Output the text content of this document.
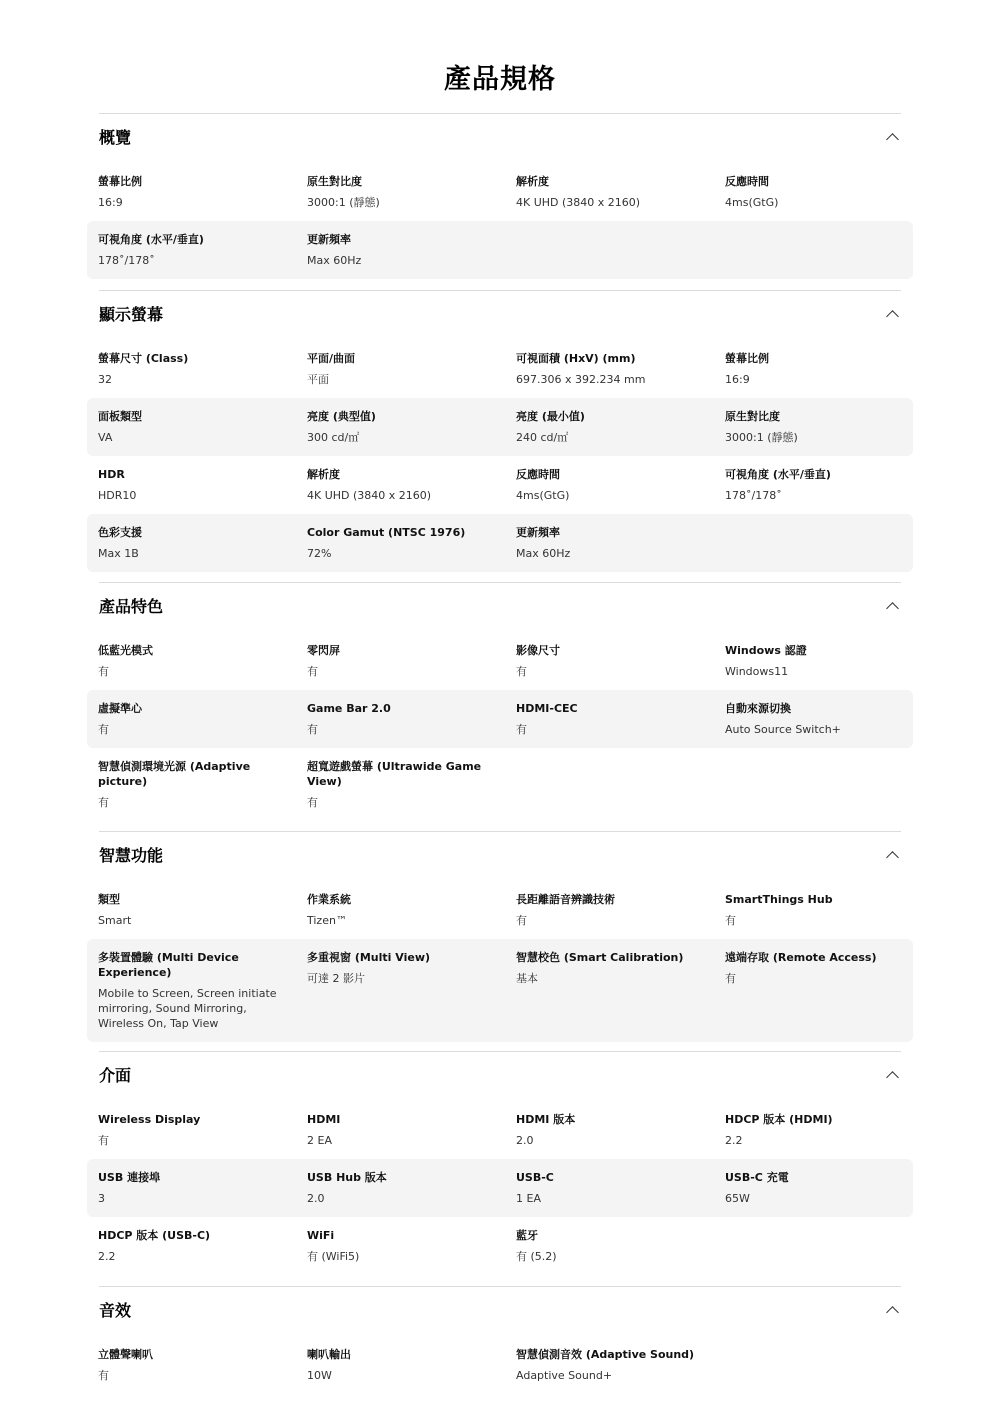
產品規格
概覽
螢幕比例
16:9
原生對比度
3000:1 (靜態)
解析度
4K UHD (3840 x 2160)
反應時間
4ms(GtG)
可視角度 (水平/垂直)
178˚/178˚
更新頻率
Max 60Hz
顯示螢幕
螢幕尺寸 (Class)
32
平面/曲面
平面
可視面積 (HxV) (mm)
697.306 x 392.234 mm
螢幕比例
16:9
面板類型
VA
亮度 (典型值)
300 cd/㎡
亮度 (最小值)
240 cd/㎡
原生對比度
3000:1 (靜態)
HDR
HDR10
解析度
4K UHD (3840 x 2160)
反應時間
4ms(GtG)
可視角度 (水平/垂直)
178˚/178˚
色彩支援
Max 1B
Color Gamut (NTSC 1976)
72%
更新頻率
Max 60Hz
產品特色
低藍光模式
有
零閃屏
有
影像尺寸
有
Windows 認證
Windows11
虛擬準心
有
Game Bar 2.0
有
HDMI-CEC
有
自動來源切換
Auto Source Switch+
智慧偵測環境光源 (Adaptive picture)
有
超寬遊戲螢幕 (Ultrawide Game View)
有
智慧功能
類型
Smart
作業系統
Tizen™
長距離語音辨識技術
有
SmartThings Hub
有
多裝置體驗 (Multi Device Experience)
Mobile to Screen, Screen initiate mirroring, Sound Mirroring, Wireless On, Tap View
多重視窗 (Multi View)
可達 2 影片
智慧校色 (Smart Calibration)
基本
遠端存取 (Remote Access)
有
介面
Wireless Display
有
HDMI
2 EA
HDMI 版本
2.0
HDCP 版本 (HDMI)
2.2
USB 連接埠
3
USB Hub 版本
2.0
USB-C
1 EA
USB-C 充電
65W
HDCP 版本 (USB-C)
2.2
WiFi
有 (WiFi5)
藍牙
有 (5.2)
音效
立體聲喇叭
有
喇叭輸出
10W
智慧偵測音效 (Adaptive Sound)
Adaptive Sound+
